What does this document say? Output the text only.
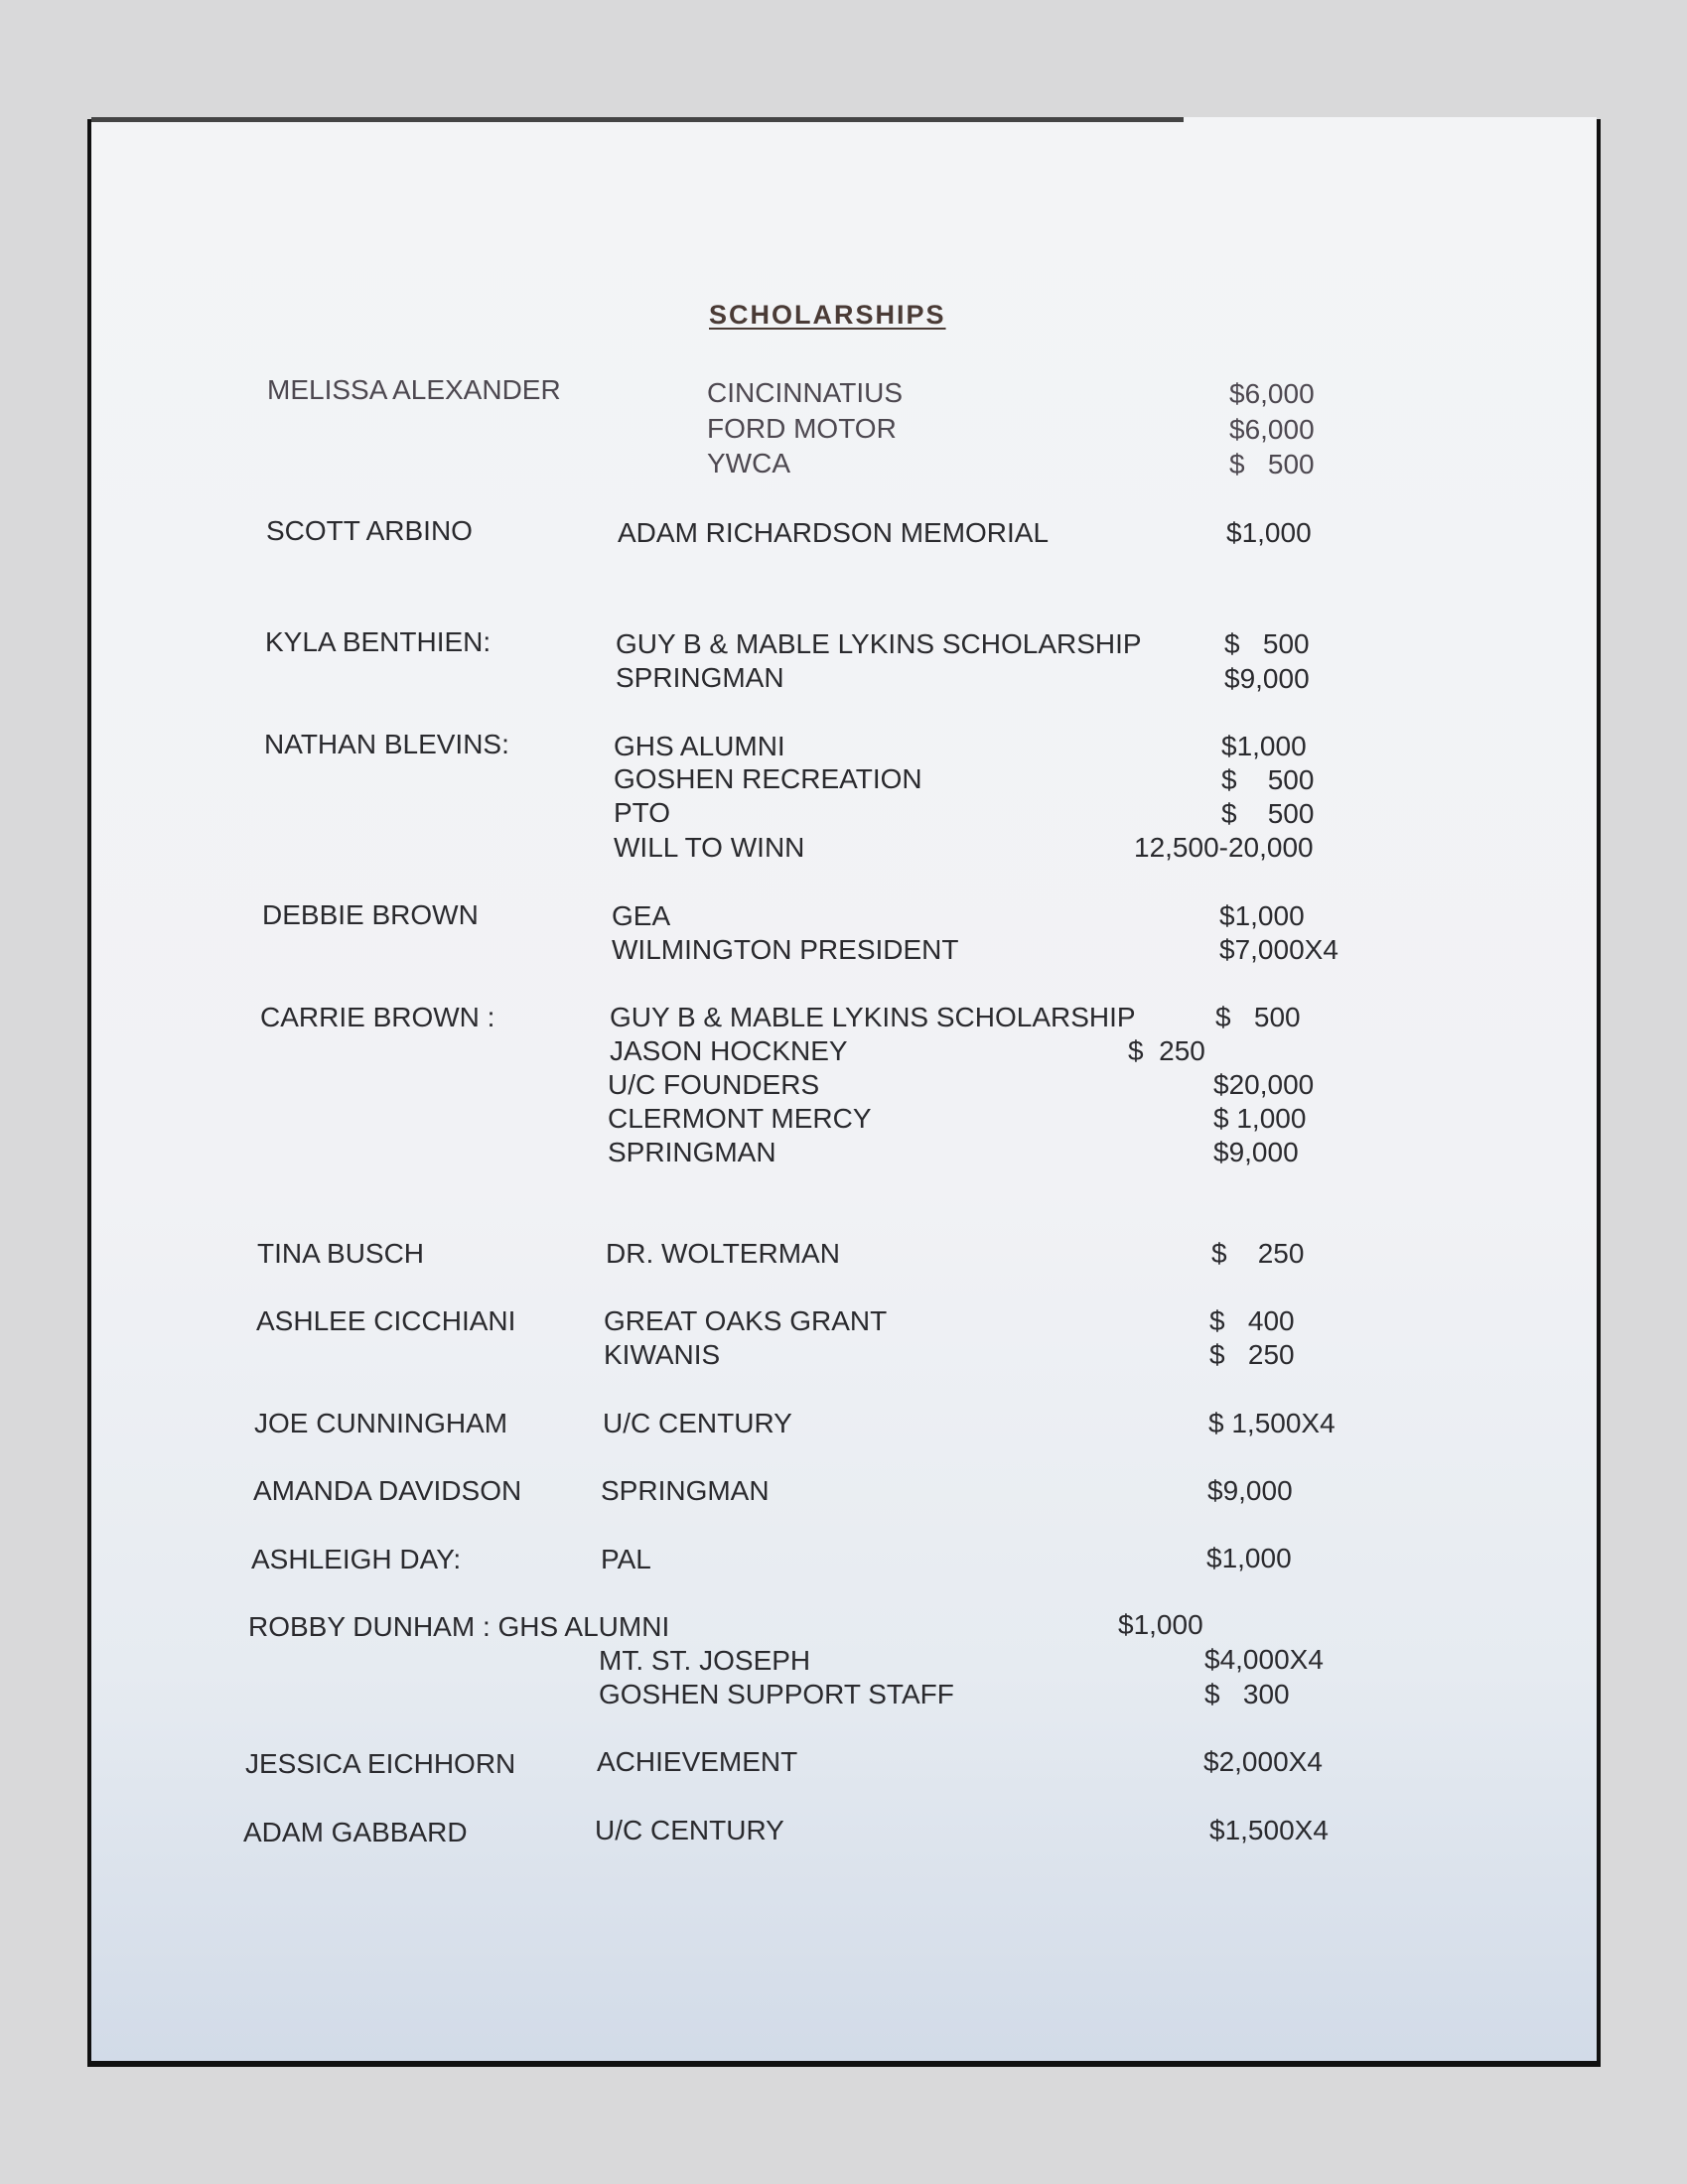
SCHOLARSHIPS
MELISSA ALEXANDER	CINCINNATIUS	$6,000
FORD MOTOR	$6,000
YWCA	$   500
SCOTT ARBINO	ADAM RICHARDSON MEMORIAL	$1,000
KYLA BENTHIEN:	GUY B & MABLE LYKINS SCHOLARSHIP	$   500
SPRINGMAN	$9,000
NATHAN BLEVINS:	GHS ALUMNI	$1,000
GOSHEN RECREATION	$    500
PTO	$    500
WILL TO WINN	12,500-20,000
DEBBIE BROWN	GEA	$1,000
WILMINGTON PRESIDENT	$7,000X4
CARRIE BROWN :	GUY B & MABLE LYKINS SCHOLARSHIP	$   500
JASON HOCKNEY	$  250
U/C FOUNDERS	$20,000
CLERMONT MERCY	$ 1,000
SPRINGMAN	$9,000
TINA BUSCH	DR. WOLTERMAN	$    250
ASHLEE CICCHIANI	GREAT OAKS GRANT	$   400
KIWANIS	$   250
JOE CUNNINGHAM	U/C CENTURY	$ 1,500X4
AMANDA DAVIDSON	SPRINGMAN	$9,000
ASHLEIGH DAY:	PAL	$1,000
ROBBY DUNHAM : GHS ALUMNI	$1,000
MT. ST. JOSEPH	$4,000X4
GOSHEN SUPPORT STAFF	$   300
JESSICA EICHHORN	ACHIEVEMENT	$2,000X4
ADAM GABBARD	U/C CENTURY	$1,500X4
